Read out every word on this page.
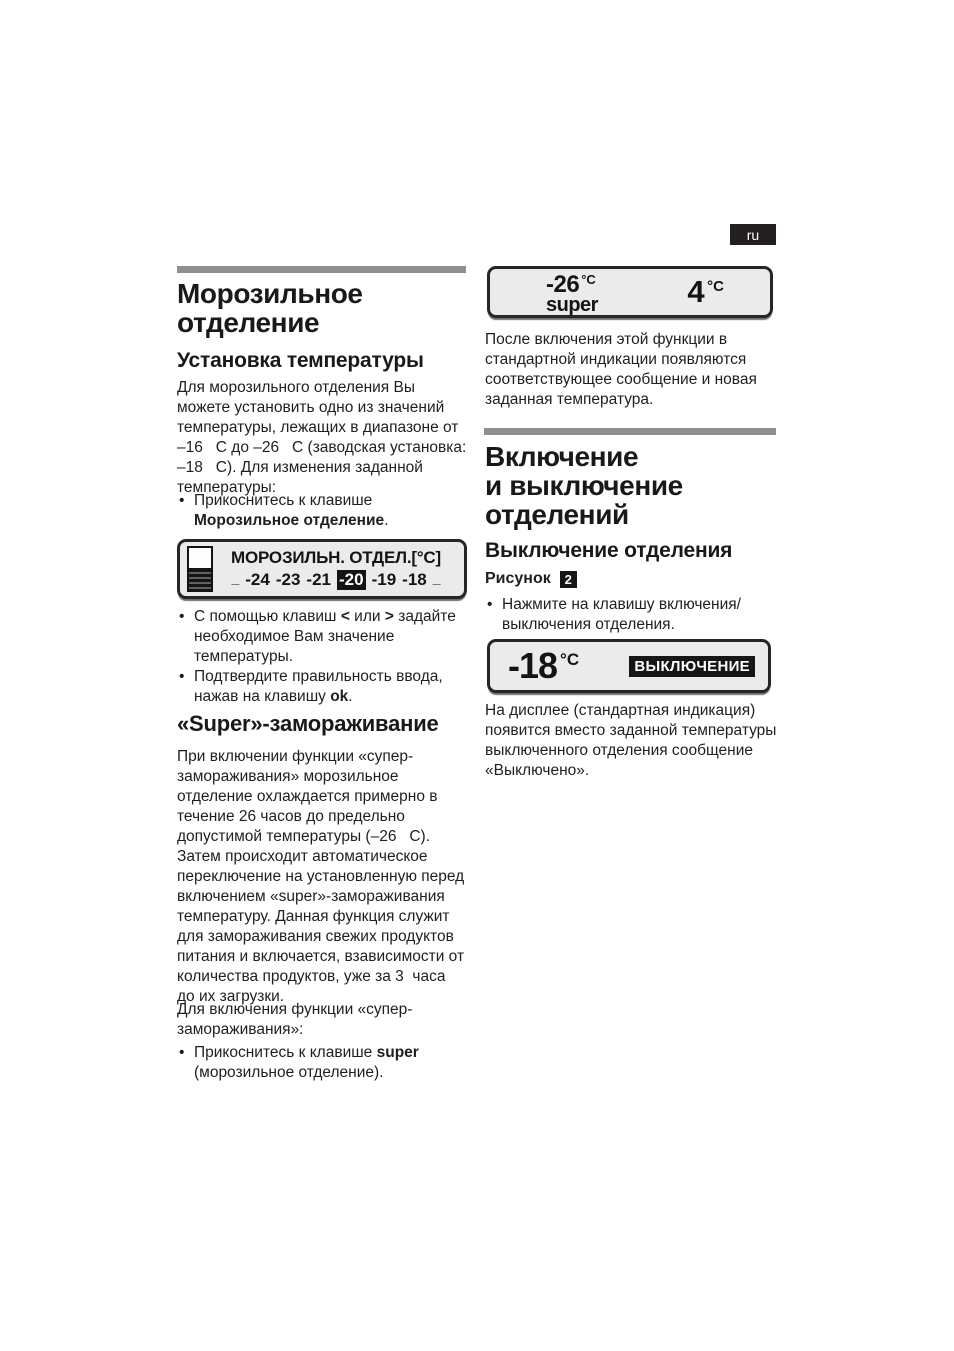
ru
Морозильное отделение
Установка температуры
Для морозильного отделения Вы можете установить одно из значений температуры, лежащих в диапазоне от –16   С до –26   С (заводская установка: –18   С). Для изменения заданной температуры:
• Прикоснитесь к клавише Морозильное отделение.
МОРОЗИЛЬН. ОТДЕЛ.[°C]
_ -24 -23 -21 -20 -19 -18 _
• С помощью клавиш < или > задайте необходимое Вам значение температуры.
• Подтвердите правильность ввода, нажав на клавишу ok.
«Super»-замораживание
При включении функции «супер-замораживания» морозильное отделение охлаждается примерно в  течение 26 часов до предельно допустимой температуры (–26   С). Затем происходит автоматическое переключение на установленную перед включением «super»-замораживания температуру. Данная функция служит для замораживания свежих продуктов питания и включается, взависимости от количества продуктов, уже за 3  часа  до их загрузки.
Для включения функции «супер-замораживания»:
• Прикоснитесь к клавише super (морозильное отделение).
-26 $^{^\circ C}$
super	4 $^{^\circ C}$
После включения этой функции в стандартной индикации появляются соответствующее сообщение и новая заданная температура.
Включение
и выключение
отделений
Выключение отделения
Рисунок	2
• Нажмите на клавишу включения/выключения отделения.
-18 $^{^\circ C}$	ВЫКЛЮЧЕНИЕ
На дисплее (стандартная индикация) появится вместо заданной температуры выключенного отделения сообщение «Выключено».
